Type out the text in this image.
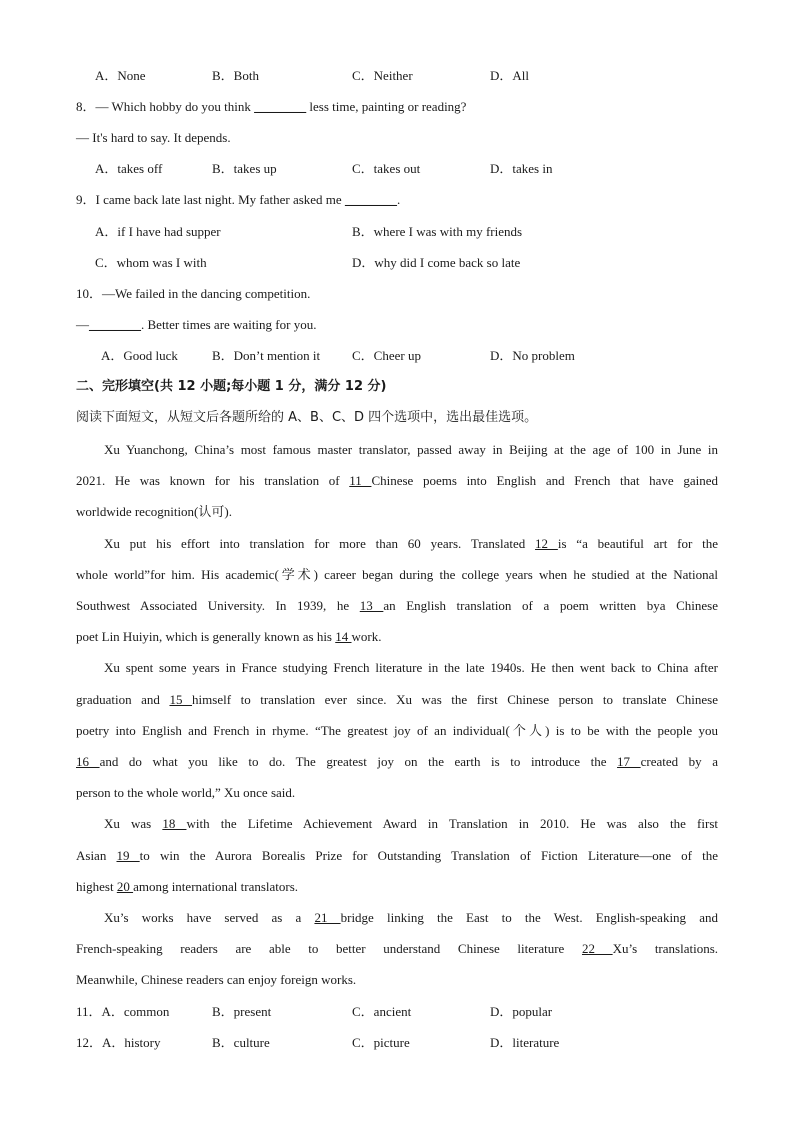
A．None	B．Both	C．Neither	D．All
8．— Which hobby do you think ________ less time, painting or reading?
— It's hard to say. It depends.
A．takes off	B．takes up	C．takes out	D．takes in
9．I came back late last night. My father asked me ________.
A．if I have had supper	B．where I was with my friends
C．whom was I with	D．why did I come back so late
10．—We failed in the dancing competition.
—________. Better times are waiting for you.
A．Good luck	B．Don’t mention it C．Cheer up	D．No problem
二、完形填空(共 12 小题;每小题 1 分，满分 12 分)
阅读下面短文，从短文后各题所给的 A、B、C、D 四个选项中，选出最佳选项。
Xu Yuanchong, China’s most famous master translator, passed away in Beijing at the age of 100 in June in
2021. He was known for his translation of 11 Chinese poems into English and French that have gained
worldwide recognition(认可).
Xu put his effort into translation for more than 60 years. Translated 12 is “a beautiful art for the
whole world”for him. His academic(学术) career began during the college years when he studied at the National
Southwest Associated University. In 1939, he 13 an English translation of a poem written bya Chinese
poet Lin Huiyin, which is generally known as his 14 work.
Xu spent some years in France studying French literature in the late 1940s. He then went back to China after
graduation and 15 himself to translation ever since. Xu was the first Chinese person to translate Chinese
poetry into English and French in rhyme. “The greatest joy of an individual(个人) is to be with the people you
16 and do what you like to do. The greatest joy on the earth is to introduce the 17 created by a
person to the whole world,” Xu once said.
Xu was 18 with the Lifetime Achievement Award in Translation in 2010. He was also the first
Asian 19 to win the Aurora Borealis Prize for Outstanding Translation of Fiction Literature—one of the
highest 20 among international translators.
Xu’s works have served as a 21 bridge linking the East to the West. English-speaking and
French-speaking readers are able to better understand Chinese literature 22 Xu’s translations.
Meanwhile, Chinese readers can enjoy foreign works.
11．A．common	B．present	C．ancient	D．popular
12．A．history	B．culture	C．picture	D．literature
